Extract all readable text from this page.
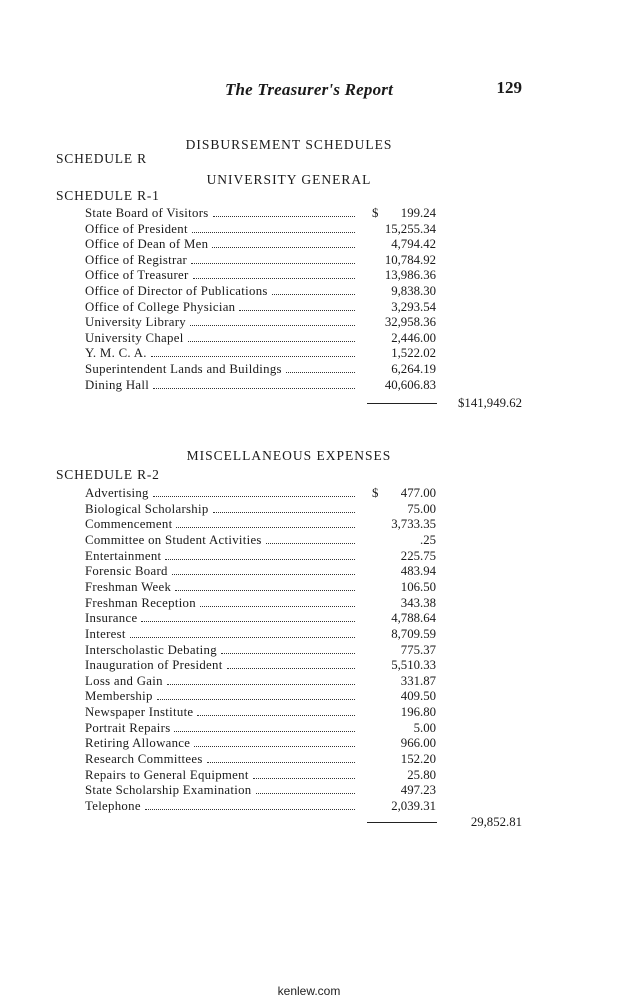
The Treasurer's Report	129
DISBURSEMENT SCHEDULES
SCHEDULE R
UNIVERSITY GENERAL
SCHEDULE R-1
State Board of Visitors	$ 199.24
Office of President	15,255.34
Office of Dean of Men	4,794.42
Office of Registrar	10,784.92
Office of Treasurer	13,986.36
Office of Director of Publications	9,838.30
Office of College Physician	3,293.54
University Library	32,958.36
University Chapel	2,446.00
Y. M. C. A.	1,522.02
Superintendent Lands and Buildings	6,264.19
Dining Hall	40,606.83
$141,949.62
MISCELLANEOUS EXPENSES
SCHEDULE R-2
Advertising	$ 477.00
Biological Scholarship	75.00
Commencement	3,733.35
Committee on Student Activities	.25
Entertainment	225.75
Forensic Board	483.94
Freshman Week	106.50
Freshman Reception	343.38
Insurance	4,788.64
Interest	8,709.59
Interscholastic Debating	775.37
Inauguration of President	5,510.33
Loss and Gain	331.87
Membership	409.50
Newspaper Institute	196.80
Portrait Repairs	5.00
Retiring Allowance	966.00
Research Committees	152.20
Repairs to General Equipment	25.80
State Scholarship Examination	497.23
Telephone	2,039.31
29,852.81
kenlew.com
